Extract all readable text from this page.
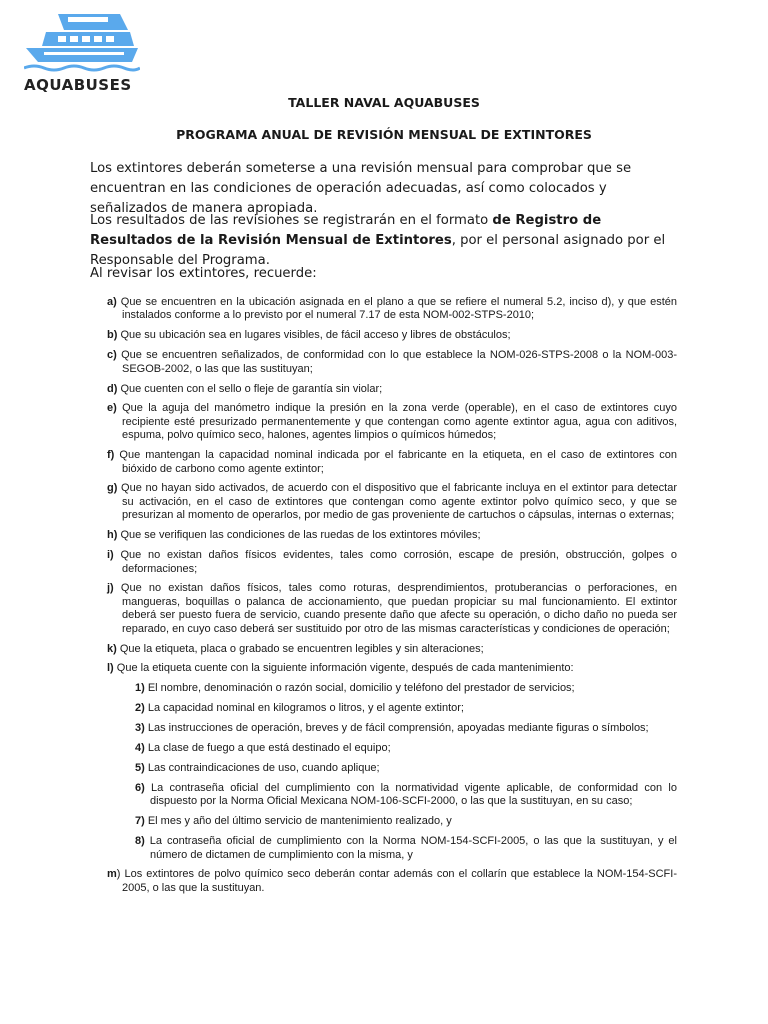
AQUABUSES
TALLER NAVAL AQUABUSES
PROGRAMA ANUAL DE REVISIÓN MENSUAL DE EXTINTORES
Los extintores deberán someterse a una revisión mensual para comprobar que se encuentran en las condiciones de operación adecuadas, así como colocados y señalizados de manera apropiada.
Los resultados de las revisiones se registrarán en el formato de Registro de Resultados de la Revisión Mensual de Extintores, por el personal asignado por el Responsable del Programa.
Al revisar los extintores, recuerde:
a) Que se encuentren en la ubicación asignada en el plano a que se refiere el numeral 5.2, inciso d), y que estén instalados conforme a lo previsto por el numeral 7.17 de esta NOM-002-STPS-2010;
b) Que su ubicación sea en lugares visibles, de fácil acceso y libres de obstáculos;
c) Que se encuentren señalizados, de conformidad con lo que establece la NOM-026-STPS-2008 o la NOM-003-SEGOB-2002, o las que las sustituyan;
d) Que cuenten con el sello o fleje de garantía sin violar;
e) Que la aguja del manómetro indique la presión en la zona verde (operable), en el caso de extintores cuyo recipiente esté presurizado permanentemente y que contengan como agente extintor agua, agua con aditivos, espuma, polvo químico seco, halones, agentes limpios o químicos húmedos;
f) Que mantengan la capacidad nominal indicada por el fabricante en la etiqueta, en el caso de extintores con bióxido de carbono como agente extintor;
g) Que no hayan sido activados, de acuerdo con el dispositivo que el fabricante incluya en el extintor para detectar su activación, en el caso de extintores que contengan como agente extintor polvo químico seco, y que se presurizan al momento de operarlos, por medio de gas proveniente de cartuchos o cápsulas, internas o externas;
h) Que se verifiquen las condiciones de las ruedas de los extintores móviles;
i) Que no existan daños físicos evidentes, tales como corrosión, escape de presión, obstrucción, golpes o deformaciones;
j) Que no existan daños físicos, tales como roturas, desprendimientos, protuberancias o perforaciones, en mangueras, boquillas o palanca de accionamiento, que puedan propiciar su mal funcionamiento. El extintor deberá ser puesto fuera de servicio, cuando presente daño que afecte su operación, o dicho daño no pueda ser reparado, en cuyo caso deberá ser sustituido por otro de las mismas características y condiciones de operación;
k) Que la etiqueta, placa o grabado se encuentren legibles y sin alteraciones;
l) Que la etiqueta cuente con la siguiente información vigente, después de cada mantenimiento:
1) El nombre, denominación o razón social, domicilio y teléfono del prestador de servicios;
2) La capacidad nominal en kilogramos o litros, y el agente extintor;
3) Las instrucciones de operación, breves y de fácil comprensión, apoyadas mediante figuras o símbolos;
4) La clase de fuego a que está destinado el equipo;
5) Las contraindicaciones de uso, cuando aplique;
6) La contraseña oficial del cumplimiento con la normatividad vigente aplicable, de conformidad con lo dispuesto por la Norma Oficial Mexicana NOM-106-SCFI-2000, o las que la sustituyan, en su caso;
7) El mes y año del último servicio de mantenimiento realizado, y
8) La contraseña oficial de cumplimiento con la Norma NOM-154-SCFI-2005, o las que la sustituyan, y el número de dictamen de cumplimiento con la misma, y
m) Los extintores de polvo químico seco deberán contar además con el collarín que establece la NOM-154-SCFI-2005, o las que la sustituyan.
